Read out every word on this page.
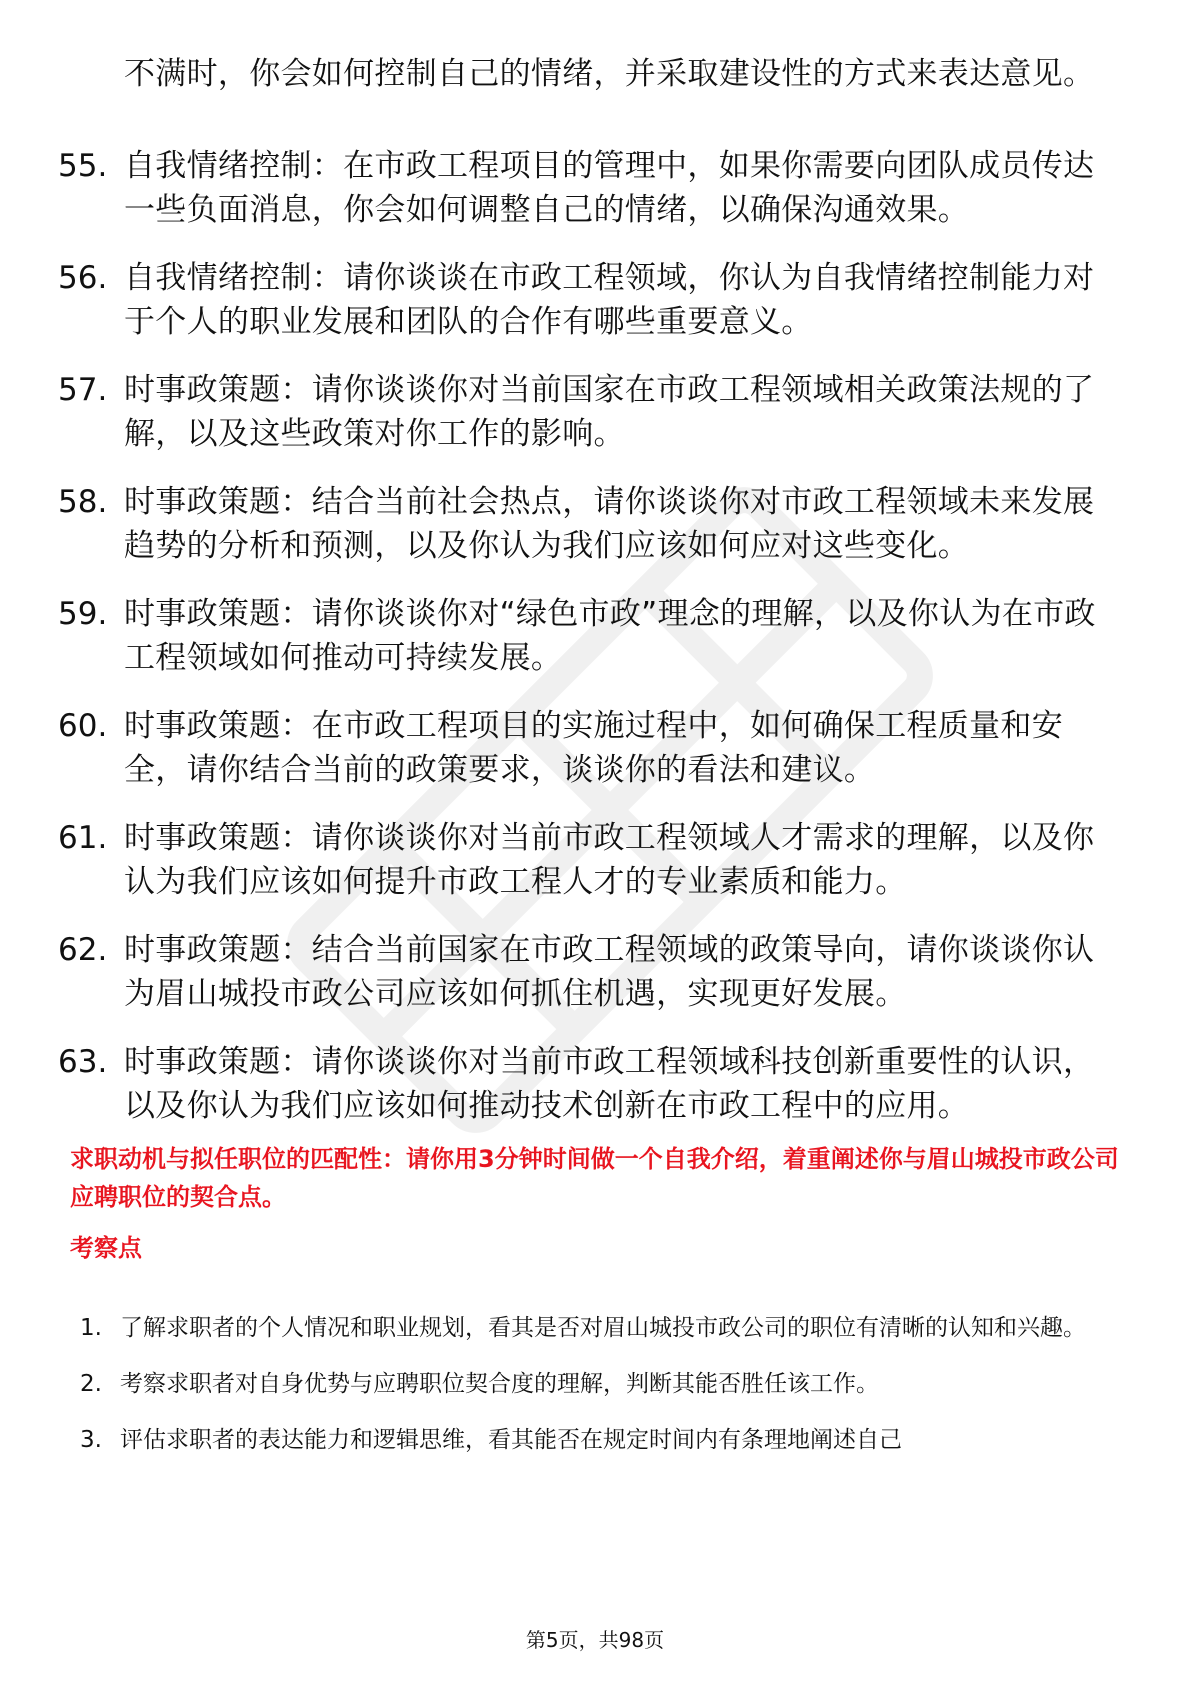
不满时，你会如何控制自己的情绪，并采取建设性的方式来表达意见。
55. 自我情绪控制：在市政工程项目的管理中，如果你需要向团队成员传达一些负面消息，你会如何调整自己的情绪，以确保沟通效果。
56. 自我情绪控制：请你谈谈在市政工程领域，你认为自我情绪控制能力对于个人的职业发展和团队的合作有哪些重要意义。
57. 时事政策题：请你谈谈你对当前国家在市政工程领域相关政策法规的了解，以及这些政策对你工作的影响。
58. 时事政策题：结合当前社会热点，请你谈谈你对市政工程领域未来发展趋势的分析和预测，以及你认为我们应该如何应对这些变化。
59. 时事政策题：请你谈谈你对“绿色市政”理念的理解，以及你认为在市政工程领域如何推动可持续发展。
60. 时事政策题：在市政工程项目的实施过程中，如何确保工程质量和安全，请你结合当前的政策要求，谈谈你的看法和建议。
61. 时事政策题：请你谈谈你对当前市政工程领域人才需求的理解，以及你认为我们应该如何提升市政工程人才的专业素质和能力。
62. 时事政策题：结合当前国家在市政工程领域的政策导向，请你谈谈你认为眉山城投市政公司应该如何抓住机遇，实现更好发展。
63. 时事政策题：请你谈谈你对当前市政工程领域科技创新重要性的认识，以及你认为我们应该如何推动技术创新在市政工程中的应用。
求职动机与拟任职位的匹配性：请你用3分钟时间做一个自我介绍，着重阐述你与眉山城投市政公司应聘职位的契合点。
考察点
1. 了解求职者的个人情况和职业规划，看其是否对眉山城投市政公司的职位有清晰的认知和兴趣。
2. 考察求职者对自身优势与应聘职位契合度的理解，判断其能否胜任该工作。
3. 评估求职者的表达能力和逻辑思维，看其能否在规定时间内有条理地阐述自己
第5页，共98页
